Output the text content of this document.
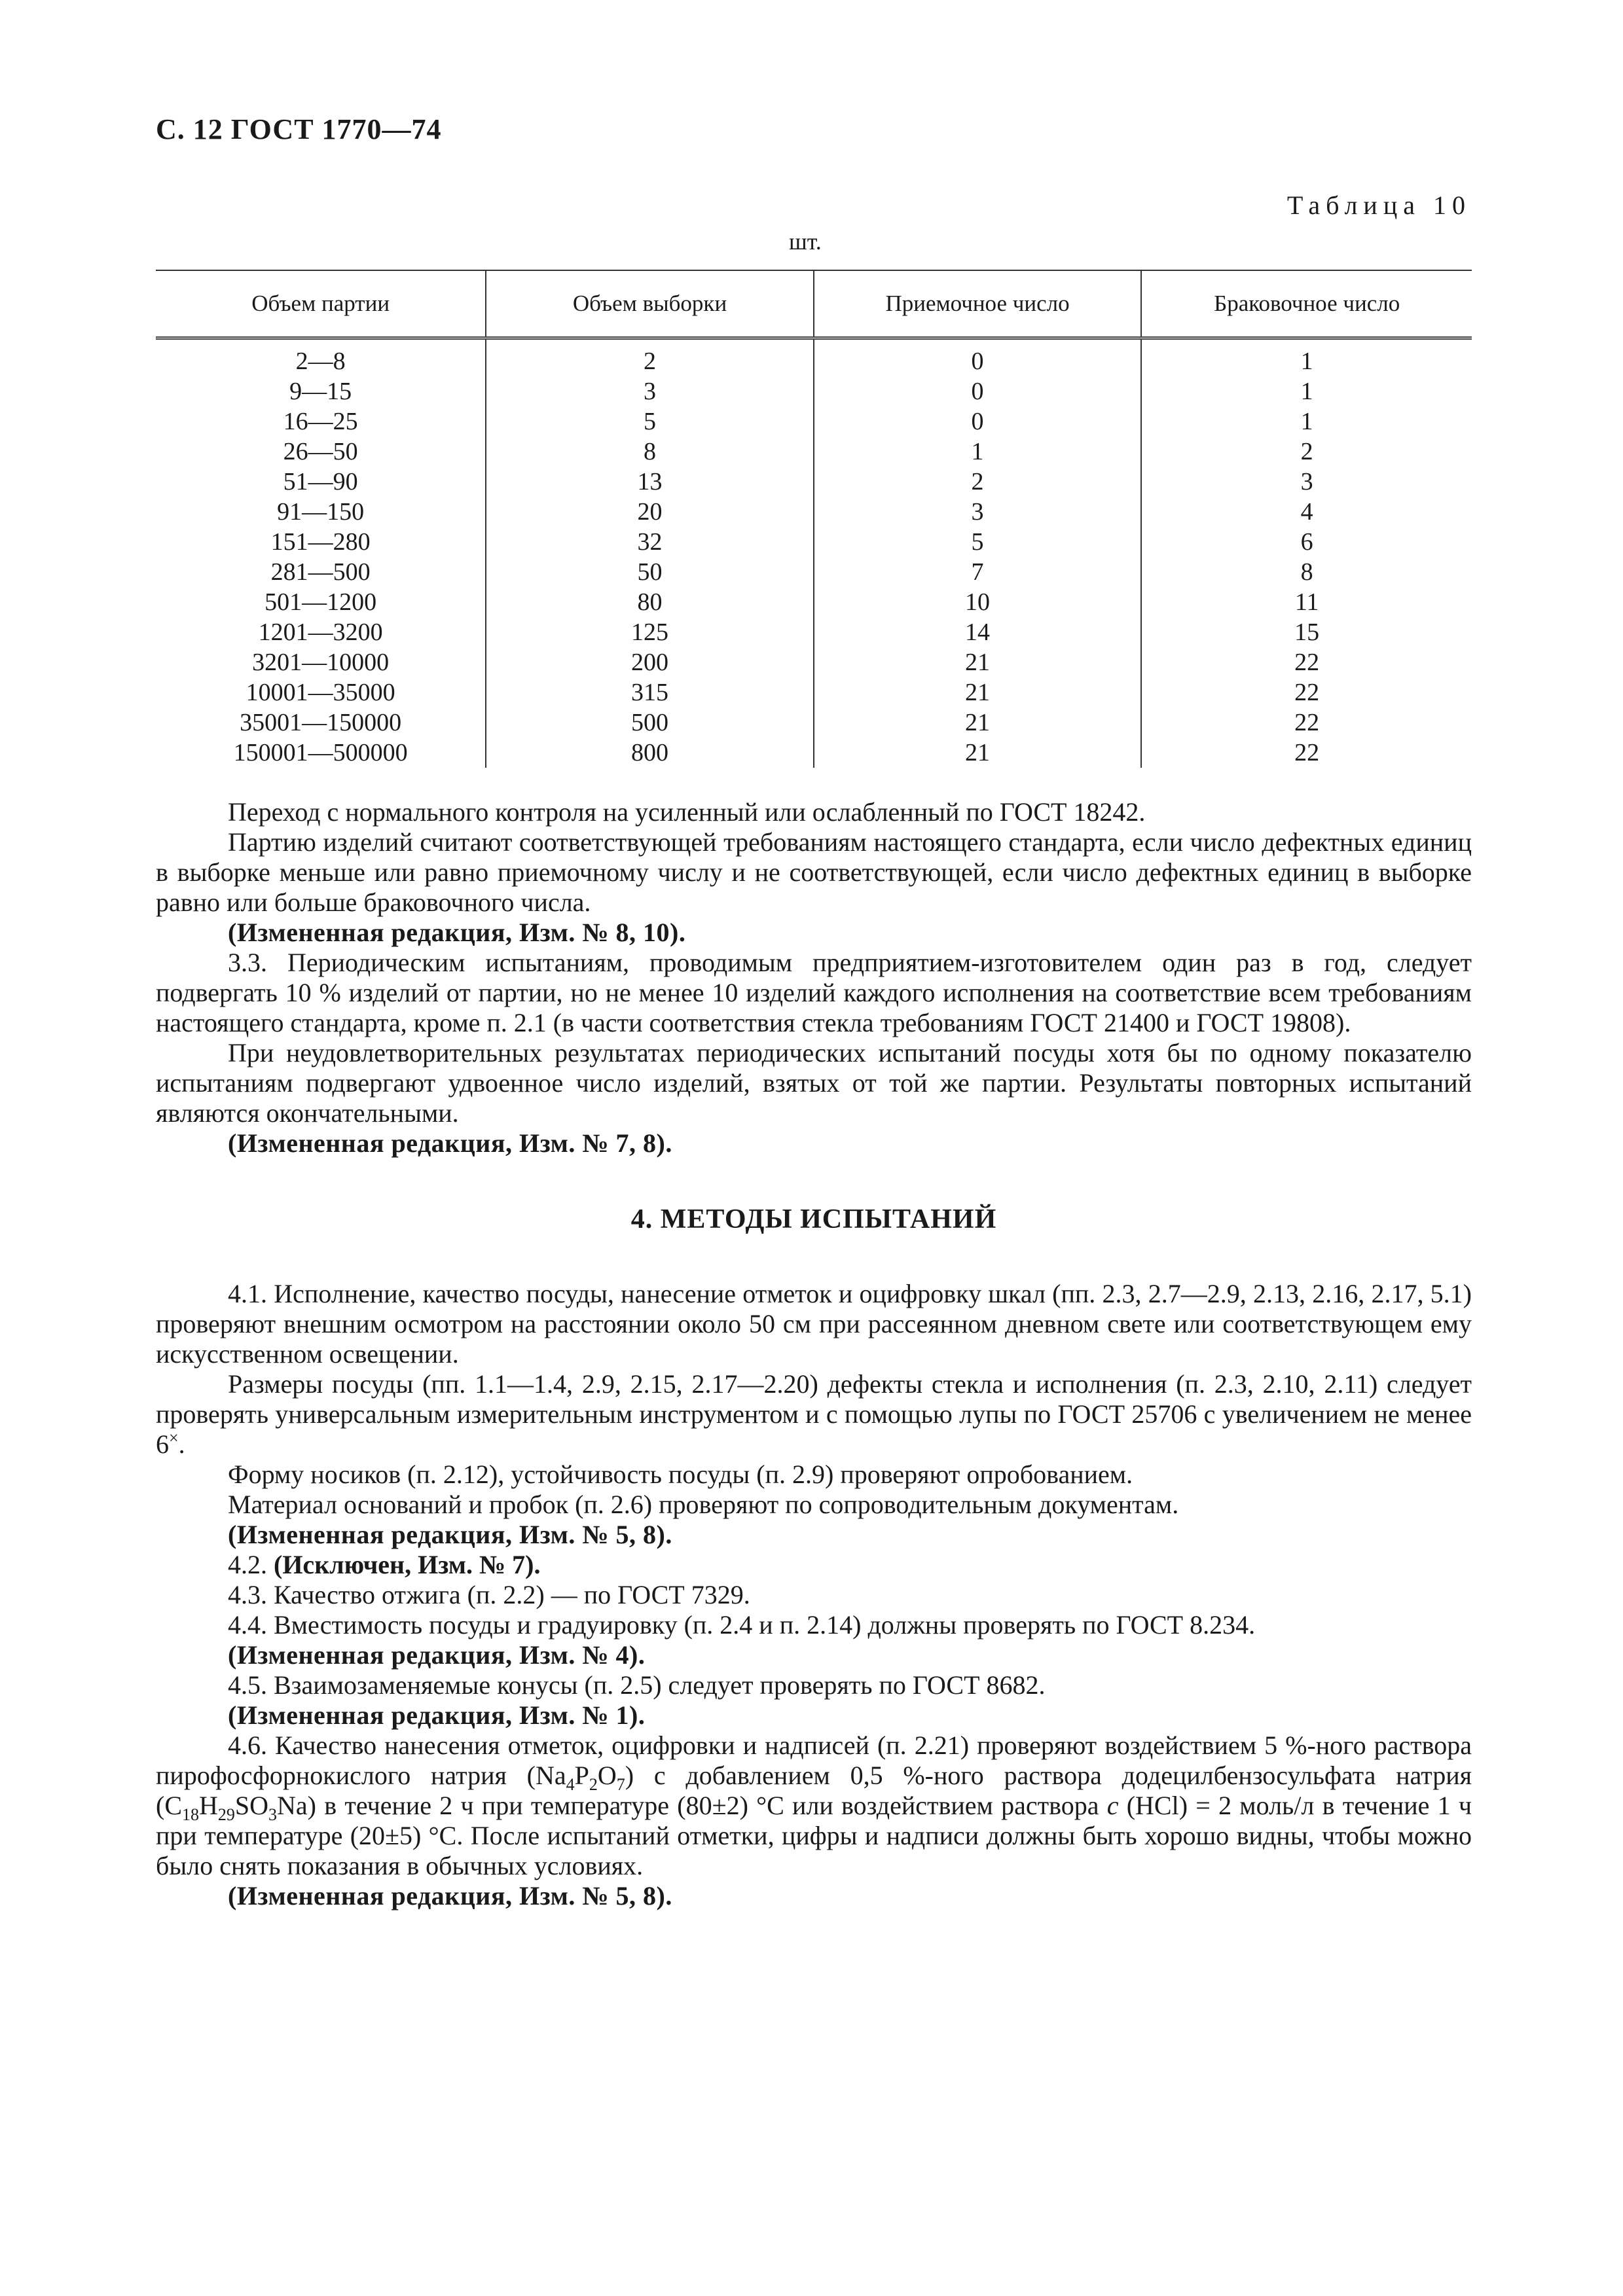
С. 12 ГОСТ 1770—74
Таблица 10
шт.
Объем партии	Объем выборки	Приемочное число	Браковочное число
2—8	2	0	1
9—15	3	0	1
16—25	5	0	1
26—50	8	1	2
51—90	13	2	3
91—150	20	3	4
151—280	32	5	6
281—500	50	7	8
501—1200	80	10	11
1201—3200	125	14	15
3201—10000	200	21	22
10001—35000	315	21	22
35001—150000	500	21	22
150001—500000	800	21	22

Переход с нормального контроля на усиленный или ослабленный по ГОСТ 18242.

Партию изделий считают соответствующей требованиям настоящего стандарта, если число дефектных единиц в выборке меньше или равно приемочному числу и не соответствующей, если число дефектных единиц в выборке равно или больше браковочного числа.

(Измененная редакция, Изм. № 8, 10).

3.3. Периодическим испытаниям, проводимым предприятием-изготовителем один раз в год, следует подвергать 10 % изделий от партии, но не менее 10 изделий каждого исполнения на соответствие всем требованиям настоящего стандарта, кроме п. 2.1 (в части соответствия стекла требованиям ГОСТ 21400 и ГОСТ 19808).

При неудовлетворительных результатах периодических испытаний посуды хотя бы по одному показателю испытаниям подвергают удвоенное число изделий, взятых от той же партии. Результаты повторных испытаний являются окончательными.

(Измененная редакция, Изм. № 7, 8).

4. МЕТОДЫ ИСПЫТАНИЙ

4.1. Исполнение, качество посуды, нанесение отметок и оцифровку шкал (пп. 2.3, 2.7—2.9, 2.13, 2.16, 2.17, 5.1) проверяют внешним осмотром на расстоянии около 50 см при рассеянном дневном свете или соответствующем ему искусственном освещении.

Размеры посуды (пп. 1.1—1.4, 2.9, 2.15, 2.17—2.20) дефекты стекла и исполнения (п. 2.3, 2.10, 2.11) следует проверять универсальным измерительным инструментом и с помощью лупы по ГОСТ 25706 с увеличением не менее 6×.

Форму носиков (п. 2.12), устойчивость посуды (п. 2.9) проверяют опробованием.

Материал оснований и пробок (п. 2.6) проверяют по сопроводительным документам.

(Измененная редакция, Изм. № 5, 8).

4.2. (Исключен, Изм. № 7).

4.3. Качество отжига (п. 2.2) — по ГОСТ 7329.

4.4. Вместимость посуды и градуировку (п. 2.4 и п. 2.14) должны проверять по ГОСТ 8.234.

(Измененная редакция, Изм. № 4).

4.5. Взаимозаменяемые конусы (п. 2.5) следует проверять по ГОСТ 8682.

(Измененная редакция, Изм. № 1).

4.6. Качество нанесения отметок, оцифровки и надписей (п. 2.21) проверяют воздействием 5 %-ного раствора пирофосфорнокислого натрия $(Na_4P_2O_7)$ с добавлением 0,5 %-ного раствора додецилбензосульфата натрия $(C_{18}H_{29}SO_3Na)$ в течение 2 ч при температуре (80±2) °С или воздействием раствора с (HCl) = 2 моль/л в течение 1 ч при температуре (20±5) °С. После испытаний отметки, цифры и надписи должны быть хорошо видны, чтобы можно было снять показания в обычных условиях.

(Измененная редакция, Изм. № 5, 8).
